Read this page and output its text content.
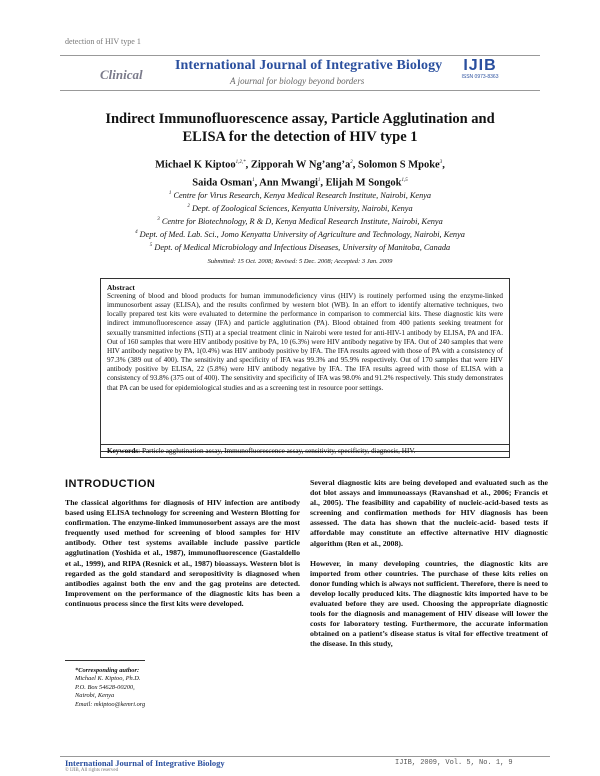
detection of HIV type 1
Clinical
International Journal of Integrative Biology
A journal for biology beyond borders
IJIB
ISSN 0973-8363
Indirect Immunofluorescence assay, Particle Agglutination and
ELISA for the detection of HIV type 1
Michael K Kiptoo$^{1,2,*}$, Zipporah W $Ng’ang’a^2$, Solomon S Mpoke$^3$,
Saida Osman$^1$, Ann Mwangi$^1$, Elijah M Songok$^{1,5}$
$^1$ Centre for Virus Research, Kenya Medical Research Institute, Nairobi, Kenya
$^2$ Dept. of Zoological Sciences, Kenyatta University, Nairobi, Kenya
$^3$ Centre for Biotechnology, R & D, Kenya Medical Research Institute, Nairobi, Kenya
$^4$ Dept. of Med. Lab. Sci., Jomo Kenyatta University of Agriculture and Technology, Nairobi, Kenya
$^5$ Dept. of Medical Microbiology and Infectious Diseases, University of Manitoba, Canada
Submitted: 15 Oct. 2008; Revised: 5 Dec. 2008; Accepted: 3 Jan. 2009
Abstract
Screening of blood and blood products for human immunodeficiency virus (HIV) is routinely performed using the enzyme-linked immunosorbent assay (ELISA), and the results confirmed by western blot (WB). In an effort to identify alternative techniques, two locally prepared test kits were evaluated to determine the performance in comparison to commercial kits. These diagnostic kits were indirect immunofluorescence assay (IFA) and particle agglutination (PA). Blood obtained from 400 patients seeking treatment for sexually transmitted infections (STI) at a special treatment clinic in Nairobi were tested for anti-HIV-1 antibody by ELISA, PA and IFA. Out of 160 samples that were HIV antibody positive by PA, 10 (6.3%) were HIV antibody negative by IFA. Out of 240 samples that were HIV antibody negative by PA, 1(0.4%) was HIV antibody positive by IFA. The IFA results agreed with those of PA with a consistency of 97.3% (389 out of 400). The sensitivity and specificity of IFA was 99.3% and 95.9% respectively. Out of 170 samples that were HIV antibody positive by ELISA, 22 (5.8%) were HIV antibody negative by IFA. The IFA results agreed with those of ELISA with a consistency of 93.8% (375 out of 400). The sensitivity and specificity of IFA was 98.0% and 91.2% respectively. This study demonstrates that PA can be used for epidemiological studies and as a screening test in resource poor settings.
Keywords: Particle agglutination assay, Immunofluorescence assay, sensitivity, specificity, diagnosis, HIV.
INTRODUCTION
The classical algorithms for diagnosis of HIV infection are antibody based using ELISA technology for screening and Western Blotting for confirmation. The enzyme-linked immunosorbent assays are the most frequently used method for screening of blood samples for HIV antibody. Other test systems available include passive particle agglutination (Yoshida et al., 1987), immunofluorescence (Gastaldello et al., 1999), and RIPA (Resnick et al., 1987) bioassays. Western blot is regarded as the gold standard and seropositivity is diagnosed when antibodies against both the env and the gag proteins are detected. Improvement on the performance of the diagnostic kits has been a continuous process since the first kits were developed.
Several diagnostic kits are being developed and evaluated such as the dot blot assays and immunoassays (Ravanshad et al., 2006; Francis et al., 2005). The feasibility and capability of nucleic-acid-based tests as screening and confirmation methods for HIV diagnosis has been assessed. The data has shown that the nucleic-acid- based tests if affordable may constitute an effective alternative HIV diagnostic algorithm (Ren et al., 2008).
However, in many developing countries, the diagnostic kits are imported from other countries. The purchase of these kits relies on donor funding which is always not sufficient. Therefore, there is need to develop locally produced kits. The diagnostic kits imported have to be evaluated before they are used. Choosing the appropriate diagnostic tools for the diagnosis and management of HIV disease will lower the costs for laboratory testing. Furthermore, the accurate information obtained on a patient’s disease status is vital for effective treatment of the disease. In this study,
*Corresponding author:
Michael K. Kiptoo, Ph.D.
P.O. Box 54628-00200,
Nairobi, Kenya
Email: mkiptoo@kemri.org
International Journal of Integrative Biology
© IJIB, All rights reserved
IJIB, 2009, Vol. 5, No. 1, 9
